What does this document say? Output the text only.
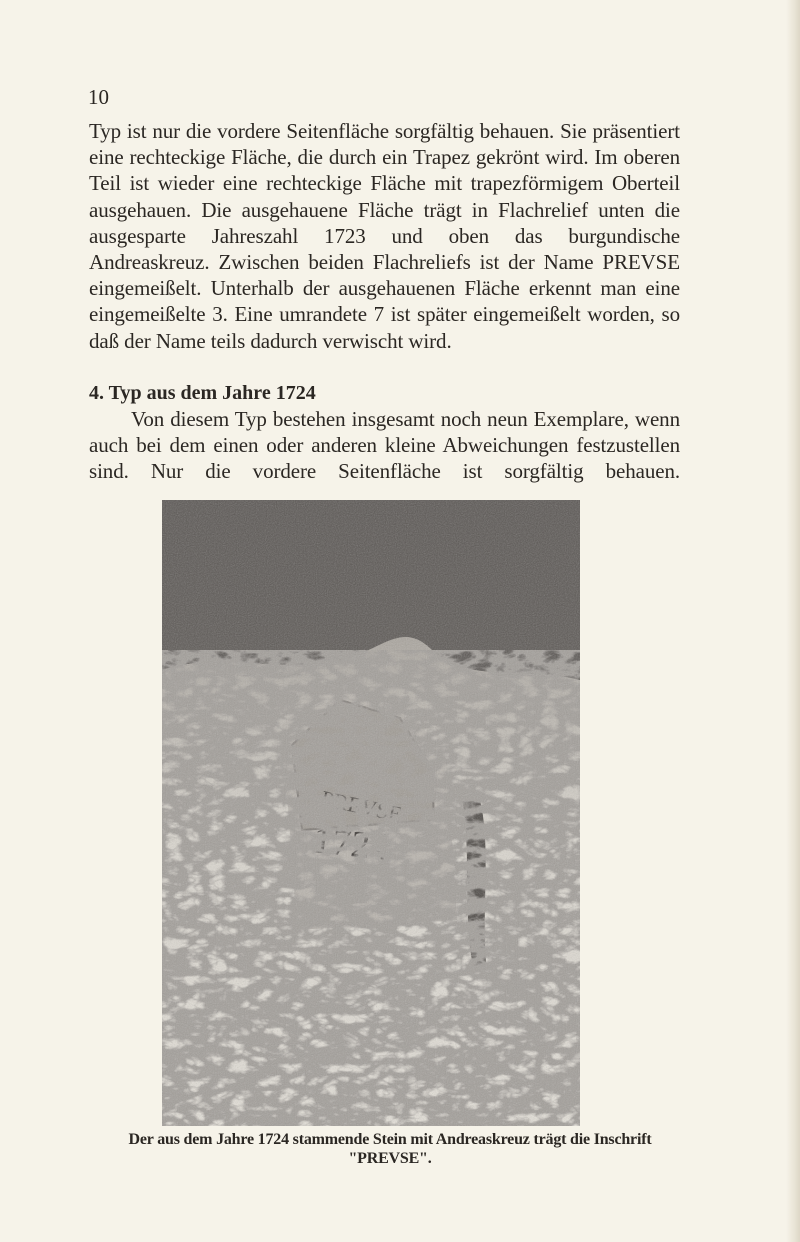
10

Typ ist nur die vordere Seitenfläche sorgfältig behauen. Sie präsentiert eine rechteckige Fläche, die durch ein Trapez gekrönt wird. Im oberen Teil ist wieder eine rechteckige Fläche mit trapezförmigem Oberteil ausgehauen. Die ausgehauene Fläche trägt in Flachrelief unten die ausgesparte Jahreszahl 1723 und oben das burgundische Andreaskreuz. Zwischen beiden Flachreliefs ist der Name PREVSE eingemeißelt. Unterhalb der ausgehauenen Fläche erkennt man eine eingemeißelte 3. Eine umrandete 7 ist später eingemeißelt worden, so daß der Name teils dadurch verwischt wird.

4. Typ aus dem Jahre 1724

Von diesem Typ bestehen insgesamt noch neun Exemplare, wenn auch bei dem einen oder anderen kleine Abweichungen festzustellen sind. Nur die vordere Seitenfläche ist sorgfältig behauen.

Der aus dem Jahre 1724 stammende Stein mit Andreaskreuz trägt die Inschrift
"PREVSE".
